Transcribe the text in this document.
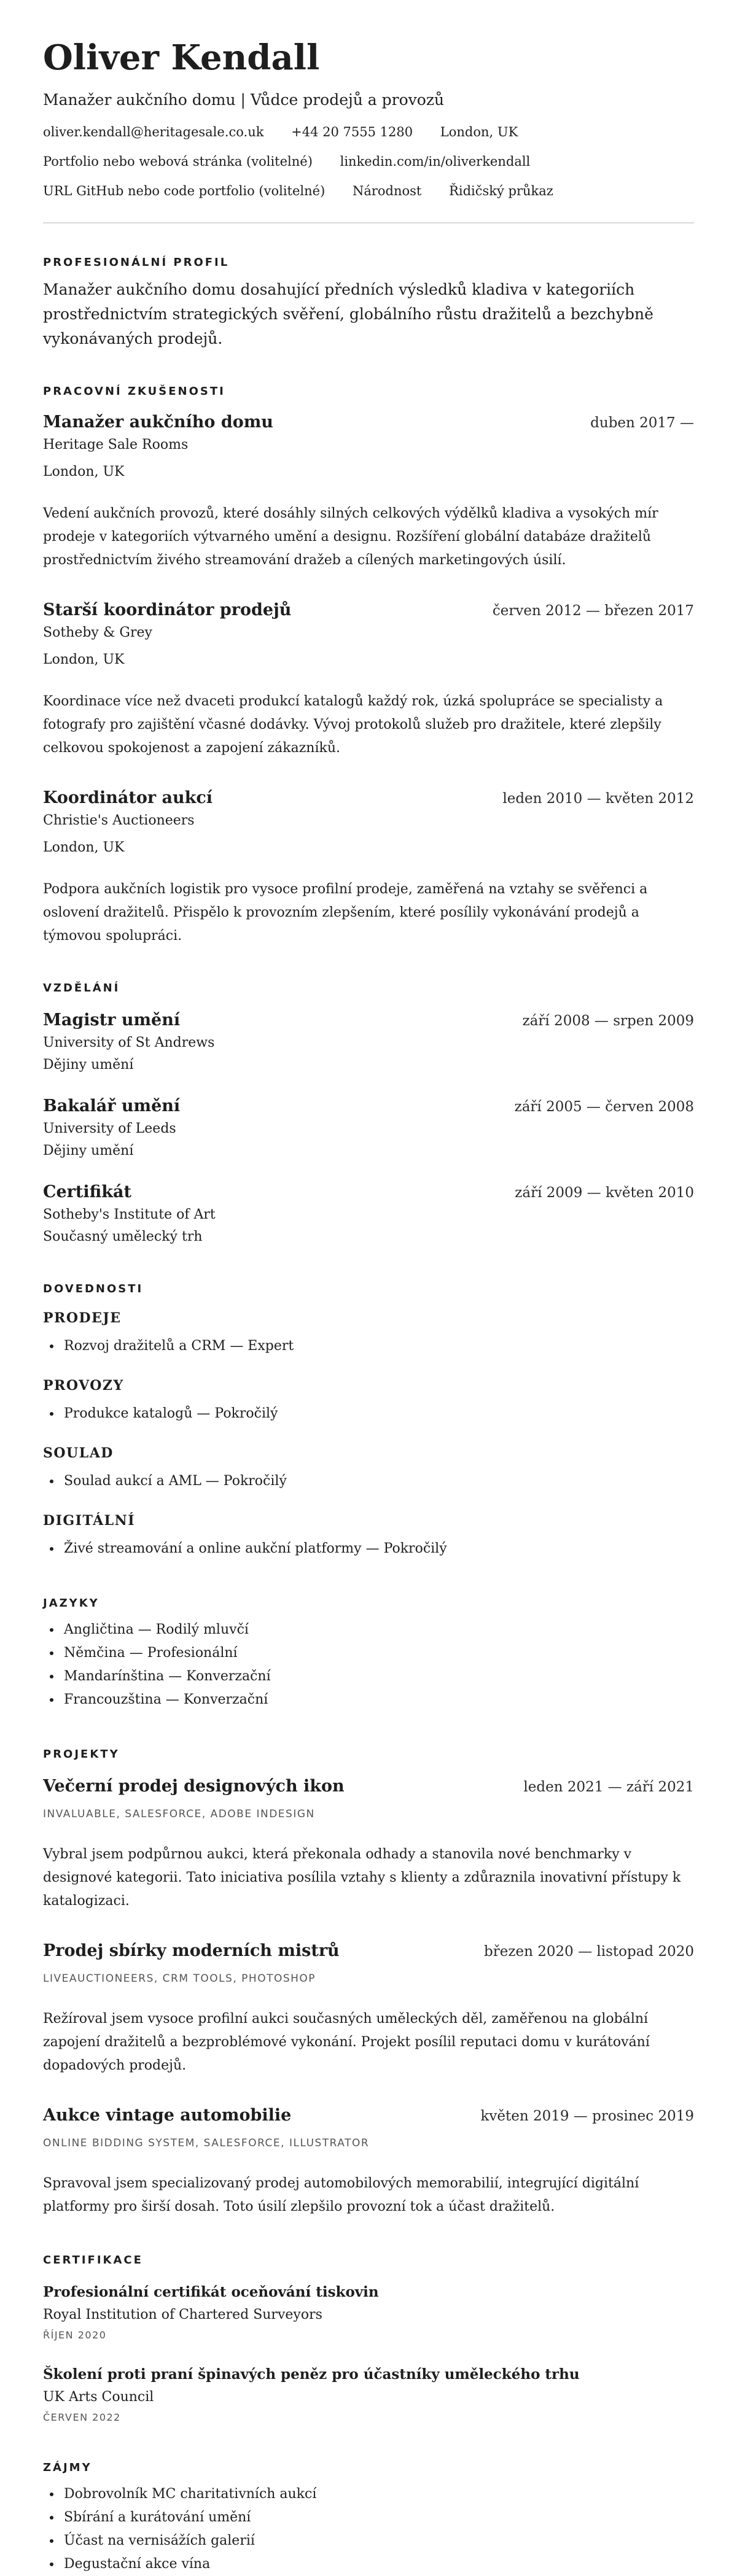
Oliver Kendall
Manažer aukčního domu | Vůdce prodejů a provozů
oliver.kendall@heritagesale.co.uk +44 20 7555 1280 London, UK
Portfolio nebo webová stránka (volitelné) linkedin.com/in/oliverkendall
URL GitHub nebo code portfolio (volitelné) Národnost Řidičský průkaz
PROFESIONÁLNÍ PROFIL
Manažer aukčního domu dosahující předních výsledků kladiva v kategoriích prostřednictvím strategických svěření, globálního růstu dražitelů a bezchybně vykonávaných prodejů.
PRACOVNÍ ZKUŠENOSTI
Manažer aukčního domu	duben 2017 —
Heritage Sale Rooms
London, UK
Vedení aukčních provozů, které dosáhly silných celkových výdělků kladiva a vysokých mír prodeje v kategoriích výtvarného umění a designu. Rozšíření globální databáze dražitelů prostřednictvím živého streamování dražeb a cílených marketingových úsilí.
Starší koordinátor prodejů	červen 2012 — březen 2017
Sotheby & Grey
London, UK
Koordinace více než dvaceti produkcí katalogů každý rok, úzká spolupráce se specialisty a fotografy pro zajištění včasné dodávky. Vývoj protokolů služeb pro dražitele, které zlepšily celkovou spokojenost a zapojení zákazníků.
Koordinátor aukcí	leden 2010 — květen 2012
Christie's Auctioneers
London, UK
Podpora aukčních logistik pro vysoce profilní prodeje, zaměřená na vztahy se svěřenci a oslovení dražitelů. Přispělo k provozním zlepšením, které posílily vykonávání prodejů a týmovou spolupráci.
VZDĚLÁNÍ
Magistr umění	září 2008 — srpen 2009
University of St Andrews
Dějiny umění
Bakalář umění	září 2005 — červen 2008
University of Leeds
Dějiny umění
Certifikát	září 2009 — květen 2010
Sotheby's Institute of Art
Současný umělecký trh
DOVEDNOSTI
PRODEJE
• Rozvoj dražitelů a CRM — Expert
PROVOZY
• Produkce katalogů — Pokročilý
SOULAD
• Soulad aukcí a AML — Pokročilý
DIGITÁLNÍ
• Živé streamování a online aukční platformy — Pokročilý
JAZYKY
• Angličtina — Rodilý mluvčí
• Němčina — Profesionální
• Mandarínština — Konverzační
• Francouzština — Konverzační
PROJEKTY
Večerní prodej designových ikon	leden 2021 — září 2021
INVALUABLE, SALESFORCE, ADOBE INDESIGN
Vybral jsem podpůrnou aukci, která překonala odhady a stanovila nové benchmarky v designové kategorii. Tato iniciativa posílila vztahy s klienty a zdůraznila inovativní přístupy k katalogizaci.
Prodej sbírky moderních mistrů	březen 2020 — listopad 2020
LIVEAUCTIONEERS, CRM TOOLS, PHOTOSHOP
Režíroval jsem vysoce profilní aukci současných uměleckých děl, zaměřenou na globální zapojení dražitelů a bezproblémové vykonání. Projekt posílil reputaci domu v kurátování dopadových prodejů.
Aukce vintage automobilie	květen 2019 — prosinec 2019
ONLINE BIDDING SYSTEM, SALESFORCE, ILLUSTRATOR
Spravoval jsem specializovaný prodej automobilových memorabilií, integrující digitální platformy pro širší dosah. Toto úsilí zlepšilo provozní tok a účast dražitelů.
CERTIFIKACE
Profesionální certifikát oceňování tiskovin
Royal Institution of Chartered Surveyors
ŘÍJEN 2020
Školení proti praní špinavých peněz pro účastníky uměleckého trhu
UK Arts Council
ČERVEN 2022
ZÁJMY
• Dobrovolník MC charitativních aukcí
• Sbírání a kurátování umění
• Účast na vernisážích galerií
• Degustační akce vína
